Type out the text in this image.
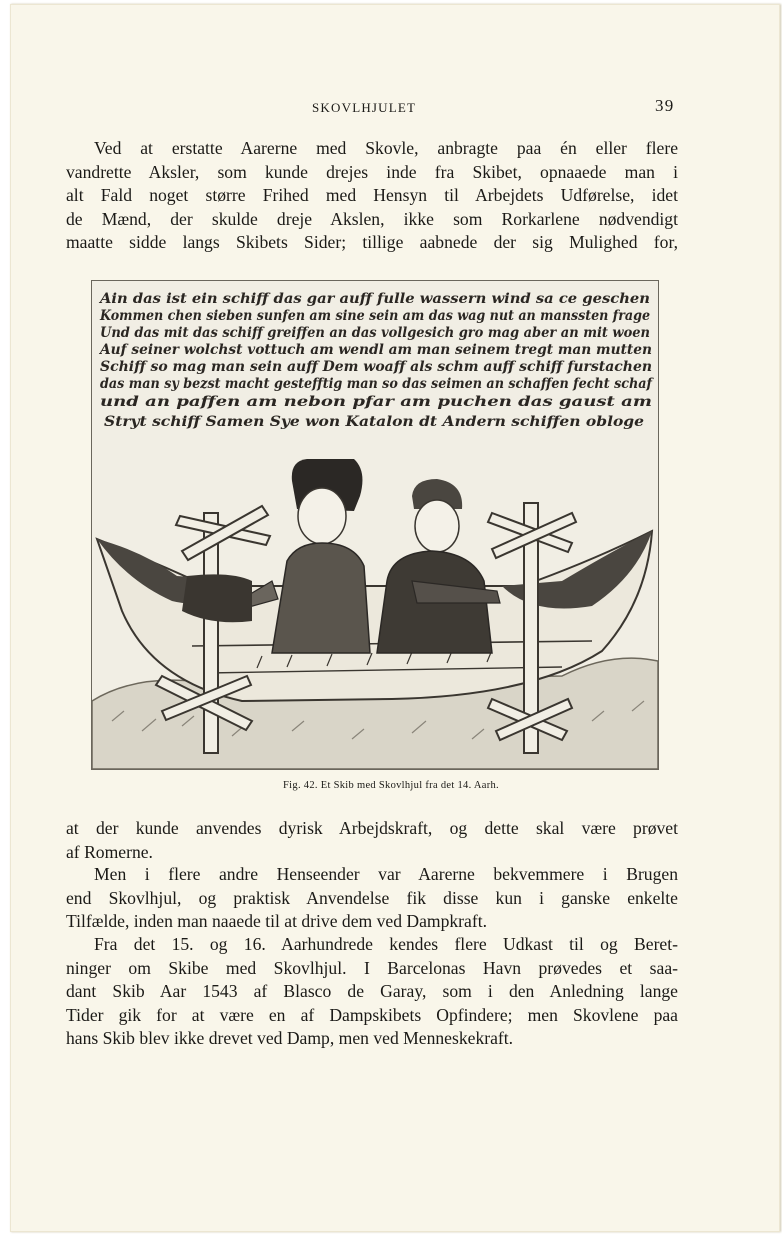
SKOVLHJULET	39
Ved at erstatte Aarerne med Skovle, anbragte paa én eller flere
vandrette Aksler, som kunde drejes inde fra Skibet, opnaaede man i
alt Fald noget større Frihed med Hensyn til Arbejdets Udførelse, idet
de Mænd, der skulde dreje Akslen, ikke som Rorkarlene nødvendigt
maatte sidde langs Skibets Sider; tillige aabnede der sig Mulighed for,
Ain das ist ein schiff das gar auff fulle wassern wind sa ce geschen
Kommen chen sieben sunfen am sine sein am das wag nut an manssten frage
Und das mit das schiff greiffen an das vollgesich gro mag aber an mit woen
Auf seiner wolchst vottuch am wendl am man seinem tregt man mutten
Schiff so mag man sein auff Dem woaff als schm auff schiff furstachen
das man sy bezst macht gestefftig man so das seimen an schaffen fecht schaf
und an paffen am nebon pfar am puchen das gaust am
Stryt schiff Samen Sye won Katalon dt Andern schiffen obloge
Fig. 42. Et Skib med Skovlhjul fra det 14. Aarh.
at der kunde anvendes dyrisk Arbejdskraft, og dette skal være prøvet
af Romerne.
Men i flere andre Henseender var Aarerne bekvemmere i Brugen
end Skovlhjul, og praktisk Anvendelse fik disse kun i ganske enkelte
Tilfælde, inden man naaede til at drive dem ved Dampkraft.
Fra det 15. og 16. Aarhundrede kendes flere Udkast til og Beret-
ninger om Skibe med Skovlhjul. I Barcelonas Havn prøvedes et saa-
dant Skib Aar 1543 af Blasco de Garay, som i den Anledning lange
Tider gik for at være en af Dampskibets Opfindere; men Skovlene paa
hans Skib blev ikke drevet ved Damp, men ved Menneskekraft.
